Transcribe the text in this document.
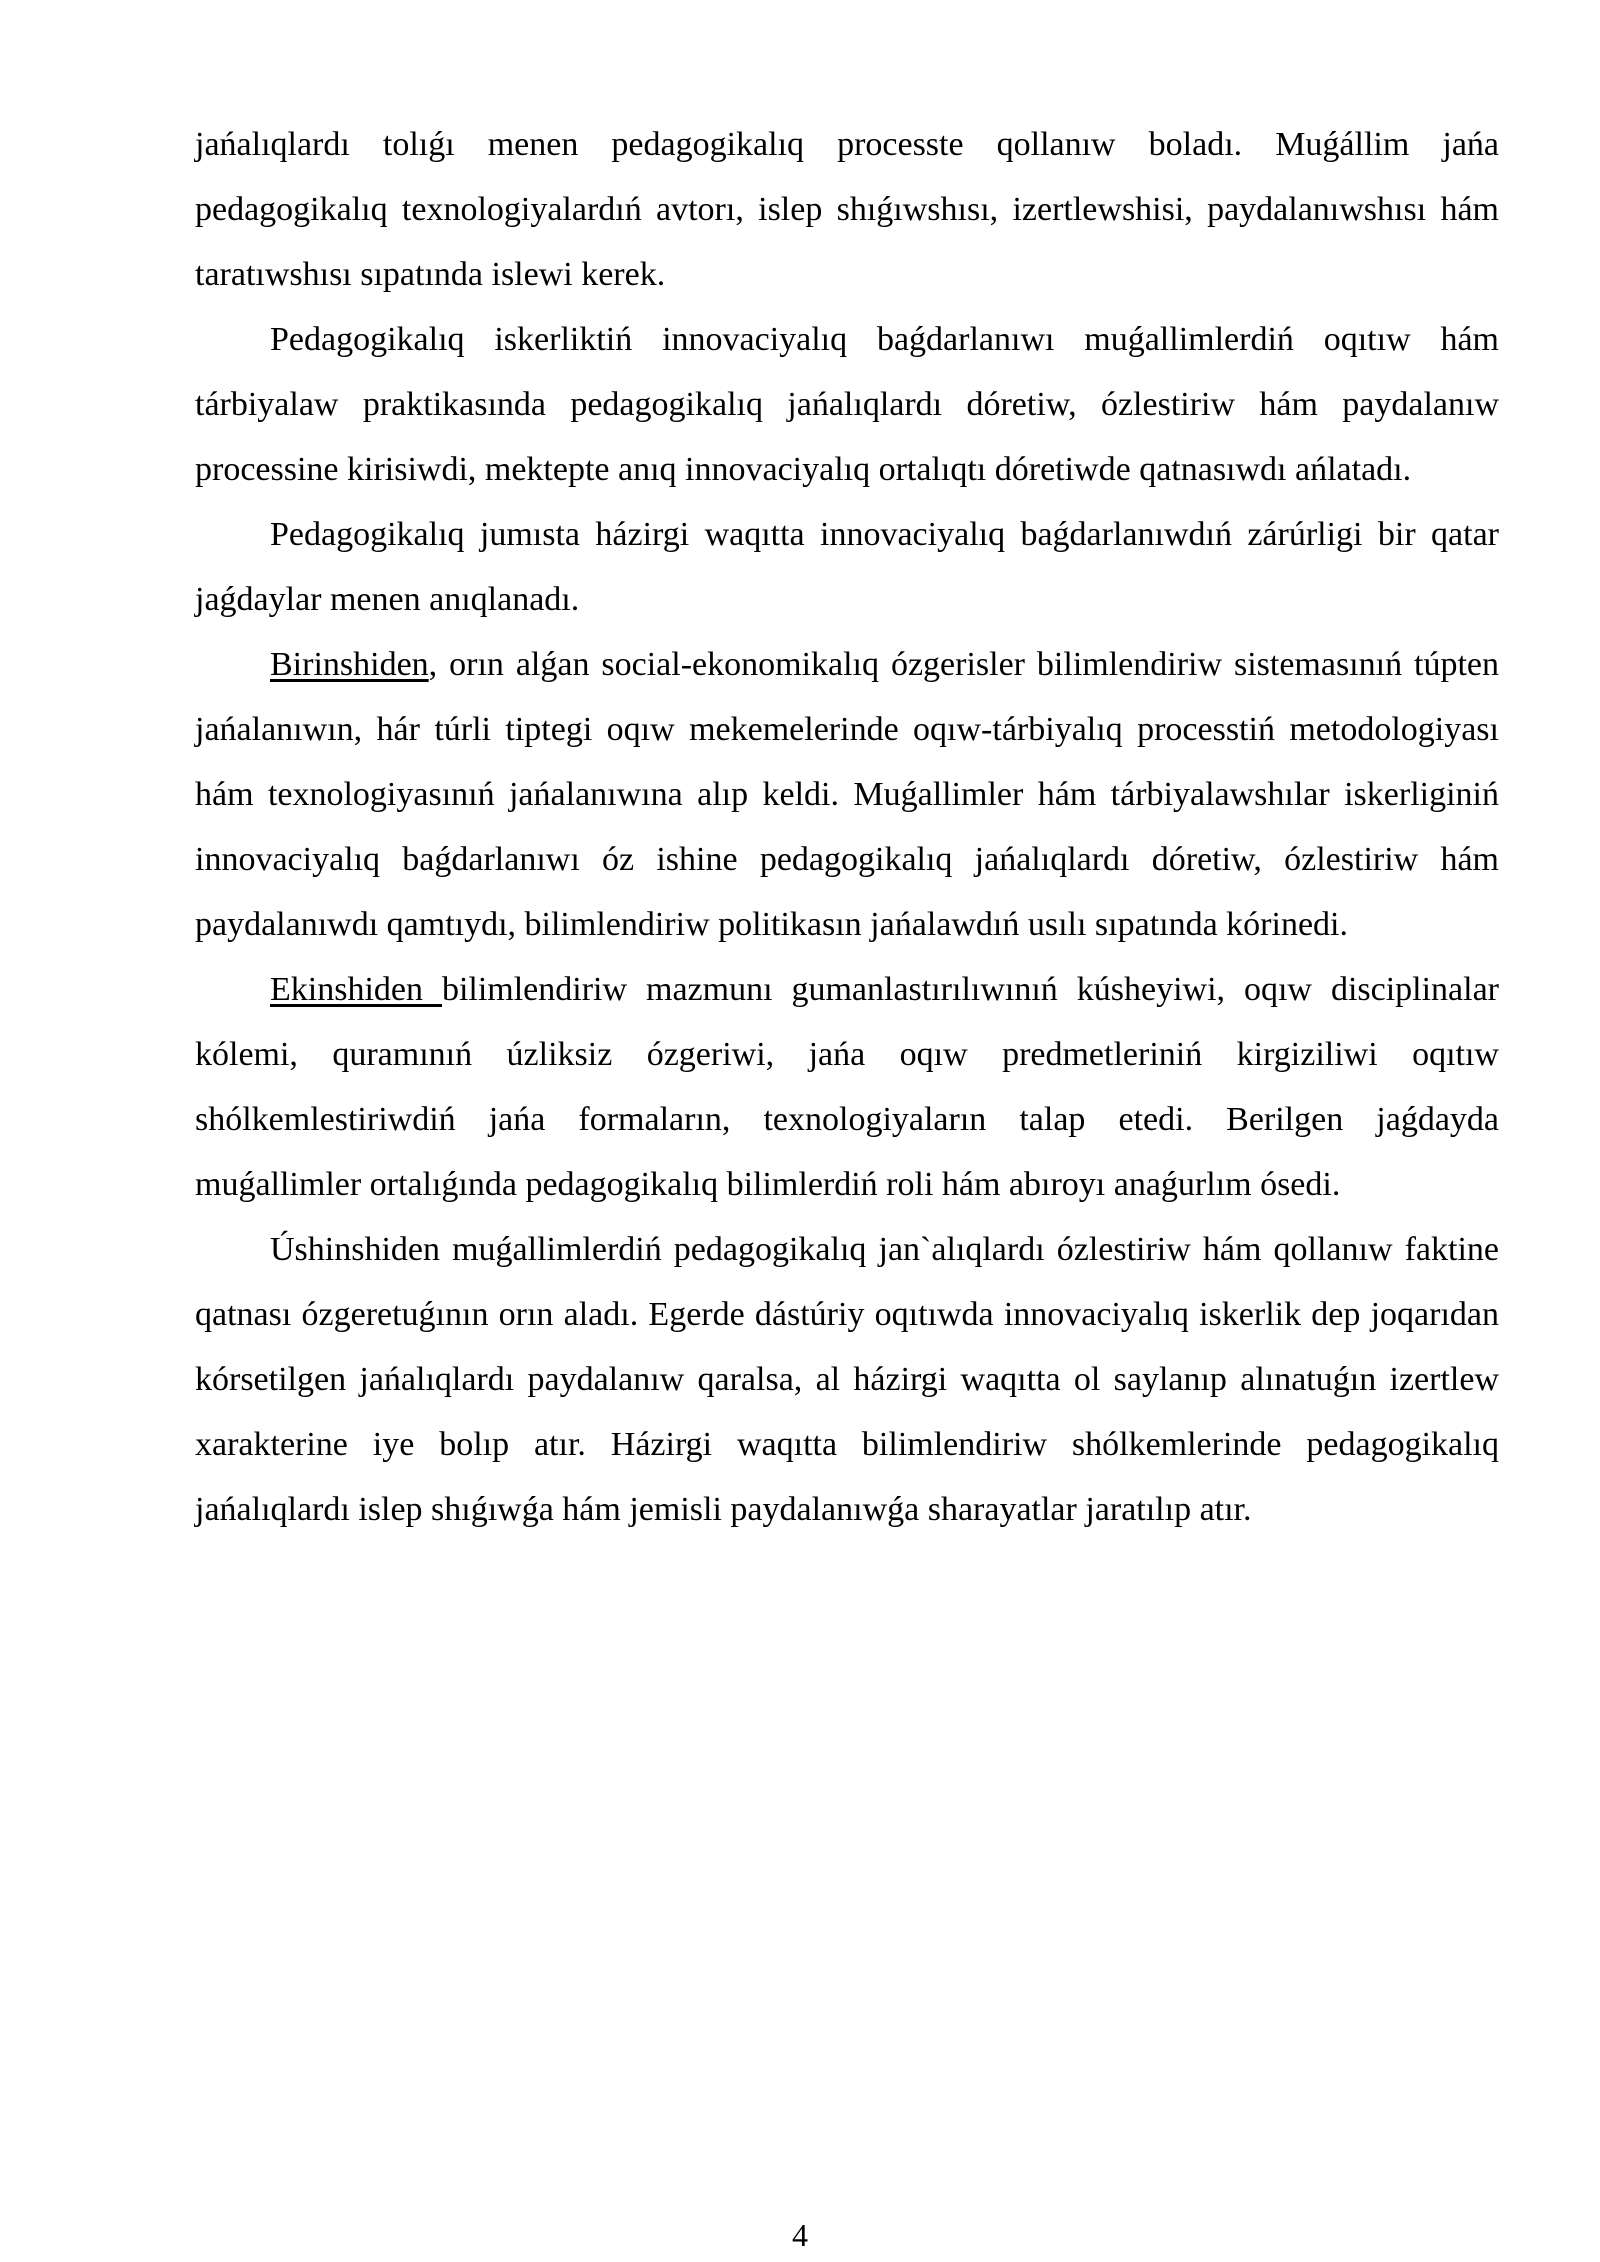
jańalıqlardı tolıǵı menen pedagogikalıq processte qollanıw boladı. Muǵállim jańa pedagogikalıq texnologiyalardıń avtorı, islep shıǵıwshısı, izertlewshisi, paydalanıwshısı hám taratıwshısı sıpatında islewi kerek.

Pedagogikalıq iskerliktiń innovaciyalıq baǵdarlanıwı muǵallimlerdiń oqıtıw hám tárbiyalaw praktikasında pedagogikalıq jańalıqlardı dóretiw, ózlestiriw hám paydalanıw processine kirisiwdi, mektepte anıq innovaciyalıq ortalıqtı dóretiwde qatnasıwdı ańlatadı.

Pedagogikalıq jumısta házirgi waqıtta innovaciyalıq baǵdarlanıwdıń zárúrligi bir qatar jaǵdaylar menen anıqlanadı.

Birinshiden, orın alǵan social-ekonomikalıq ózgerisler bilimlendiriw sistemasınıń túpten jańalanıwın, hár túrli tiptegi oqıw mekemelerinde oqıw-tárbiyalıq processtiń metodologiyası hám texnologiyasınıń jańalanıwına alıp keldi. Muǵallimler hám tárbiyalawshılar iskerliginiń innovaciyalıq baǵdarlanıwı óz ishine pedagogikalıq jańalıqlardı dóretiw, ózlestiriw hám paydalanıwdı qamtıydı, bilimlendiriw politikasın jańalawdıń usılı sıpatında kórinedi.

Ekinshiden bilimlendiriw mazmunı gumanlastırılıwınıń kúsheyiwi, oqıw disciplinalar kólemi, quramınıń úzliksiz ózgeriwi, jańa oqıw predmetleriniń kirgiziliwi oqıtıw shólkemlestiriwdiń jańa formaların, texnologiyaların talap etedi. Berilgen jaǵdayda muǵallimler ortalıǵında pedagogikalıq bilimlerdiń roli hám abıroyı anaǵurlım ósedi.

Úshinshiden muǵallimlerdiń pedagogikalıq jan`alıqlardı ózlestiriw hám qollanıw faktine qatnası ózgeretuǵının orın aladı. Egerde dástúriy oqıtıwda innovaciyalıq iskerlik dep joqarıdan kórsetilgen jańalıqlardı paydalanıw qaralsa, al házirgi waqıtta ol saylanıp alınatuǵın izertlew xarakterine iye bolıp atır. Házirgi waqıtta bilimlendiriw shólkemlerinde pedagogikalıq jańalıqlardı islep shıǵıwǵa hám jemisli paydalanıwǵa sharayatlar jaratılıp atır.

4
